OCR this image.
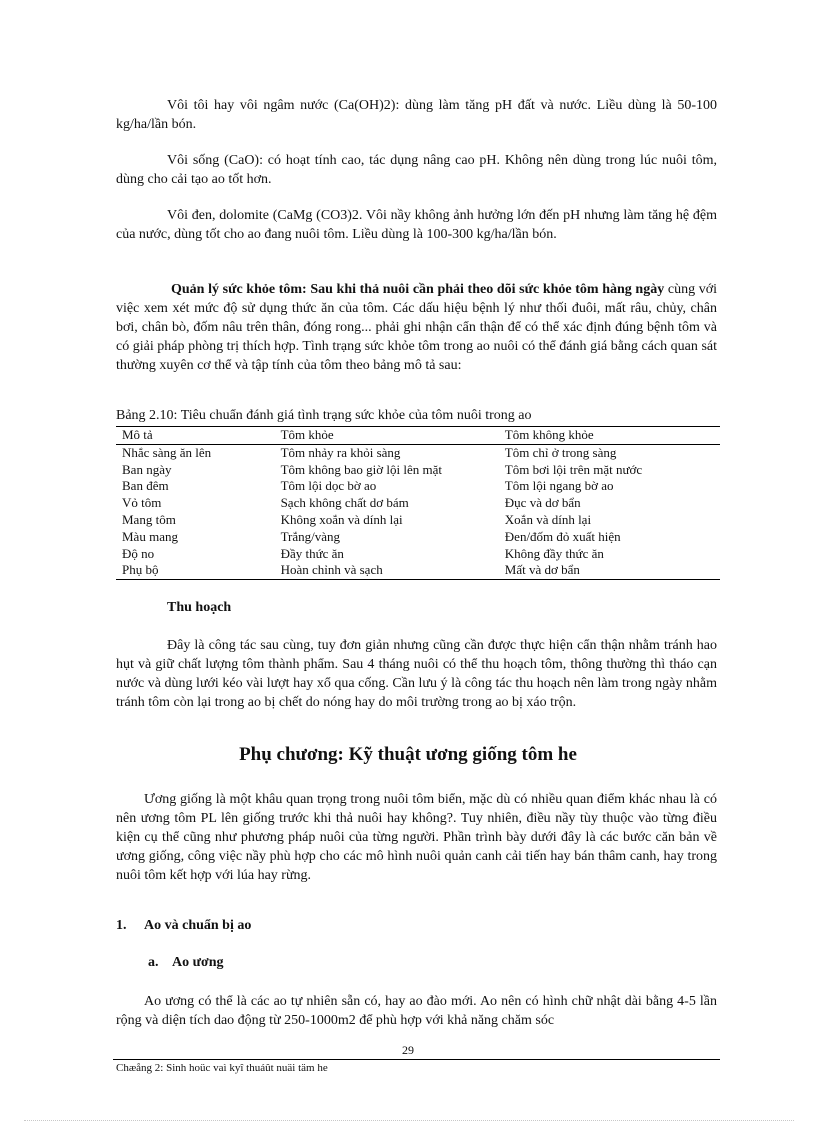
Vôi tôi hay vôi ngâm nước (Ca(OH)2): dùng làm tăng pH đất và nước. Liều dùng là 50-100 kg/ha/lần bón.

Vôi sống (CaO): có hoạt tính cao, tác dụng nâng cao pH. Không nên dùng trong lúc nuôi tôm, dùng cho cải tạo ao tốt hơn.

Vôi đen, dolomite (CaMg (CO3)2. Vôi nầy không ảnh hưởng lớn đến pH nhưng làm tăng hệ đệm của nước, dùng tốt cho ao đang nuôi tôm. Liều dùng là 100-300 kg/ha/lần bón.

Quản lý sức khỏe tôm: Sau khi thả nuôi cần phải theo dõi sức khỏe tôm hàng ngày cùng với việc xem xét mức độ sử dụng thức ăn của tôm. Các dấu hiệu bệnh lý như thối đuôi, mất râu, chủy, chân bơi, chân bò, đốm nâu trên thân, đóng rong... phải ghi nhận cẩn thận để có thể xác định đúng bệnh tôm và có giải pháp phòng trị thích hợp. Tình trạng sức khỏe tôm trong ao nuôi có thể đánh giá bằng cách quan sát thường xuyên cơ thể và tập tính của tôm theo bảng mô tả sau:

Bảng 2.10: Tiêu chuẩn đánh giá tình trạng sức khỏe của tôm nuôi trong ao

Mô tả	Tôm khỏe	Tôm không khỏe
Nhắc sàng ăn lên	Tôm nhảy ra khỏi sàng	Tôm chỉ ở trong sàng
Ban ngày	Tôm không bao giờ lội lên mặt	Tôm bơi lội trên mặt nước
Ban đêm	Tôm lội dọc bờ ao	Tôm lội ngang bờ ao
Vỏ tôm	Sạch không chất dơ bám	Đục và dơ bẩn
Mang tôm	Không xoắn và dính lại	Xoắn và dính lại
Màu mang	Trắng/vàng	Đen/đốm đỏ xuất hiện
Độ no	Đầy thức ăn	Không đầy thức ăn
Phụ bộ	Hoàn chỉnh và sạch	Mất và dơ bẩn

Thu hoạch

Đây là công tác sau cùng, tuy đơn giản nhưng cũng cần được thực hiện cẩn thận nhằm tránh hao hụt và giữ chất lượng tôm thành phẩm. Sau 4 tháng nuôi có thể thu hoạch tôm, thông thường thì tháo cạn nước và dùng lưới kéo vài lượt hay xổ qua cống. Cần lưu ý là công tác thu hoạch nên làm trong ngày nhằm tránh tôm còn lại trong ao bị chết do nóng hay do môi trường trong ao bị xáo trộn.

Phụ chương: Kỹ thuật ương giống tôm he

Ương giống là một khâu quan trọng trong nuôi tôm biển, mặc dù có nhiều quan điểm khác nhau là có nên ương tôm PL lên giống trước khi thả nuôi hay không?. Tuy nhiên, điều nầy tùy thuộc vào từng điều kiện cụ thể cũng như phương pháp nuôi của từng người. Phần trình bày dưới đây là các bước căn bản về ương giống, công việc nầy phù hợp cho các mô hình nuôi quản canh cải tiến hay bán thâm canh, hay trong nuôi tôm kết hợp với lúa hay rừng.

1. Ao và chuẩn bị ao

a. Ao ương

Ao ương có thể là các ao tự nhiên sẵn có, hay ao đào mới. Ao nên có hình chữ nhật dài bằng 4-5 lần rộng và diện tích dao động từ 250-1000m2 để phù hợp với khả năng chăm sóc

29

Chæång 2: Sinh hoüc vaì kyî thuáût nuäi täm he
